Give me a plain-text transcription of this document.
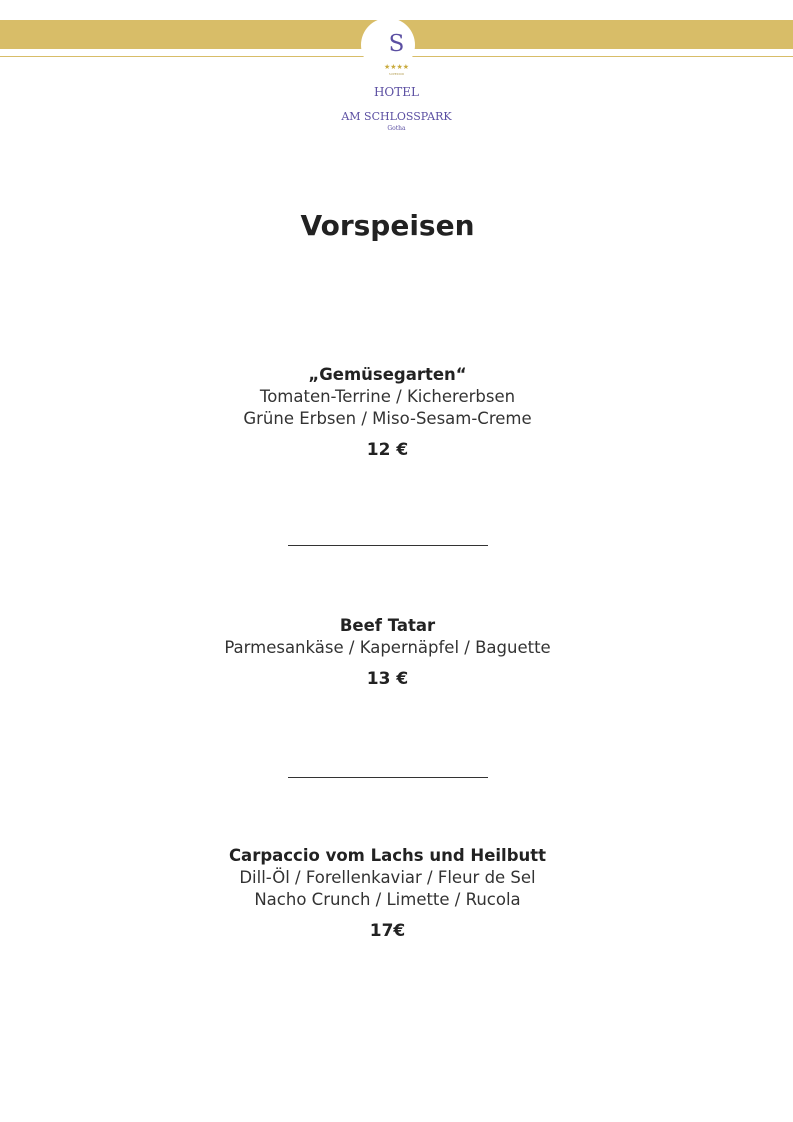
S
★★★★
SUPERIOR
HOTEL
AM SCHLOSSPARK
Gotha
Vorspeisen
„Gemüsegarten“
Tomaten-Terrine / Kichererbsen
Grüne Erbsen / Miso-Sesam-Creme
12 €
Beef Tatar
Parmesankäse / Kapernäpfel / Baguette
13 €
Carpaccio vom Lachs und Heilbutt
Dill-Öl / Forellenkaviar / Fleur de Sel
Nacho Crunch / Limette / Rucola
17€
